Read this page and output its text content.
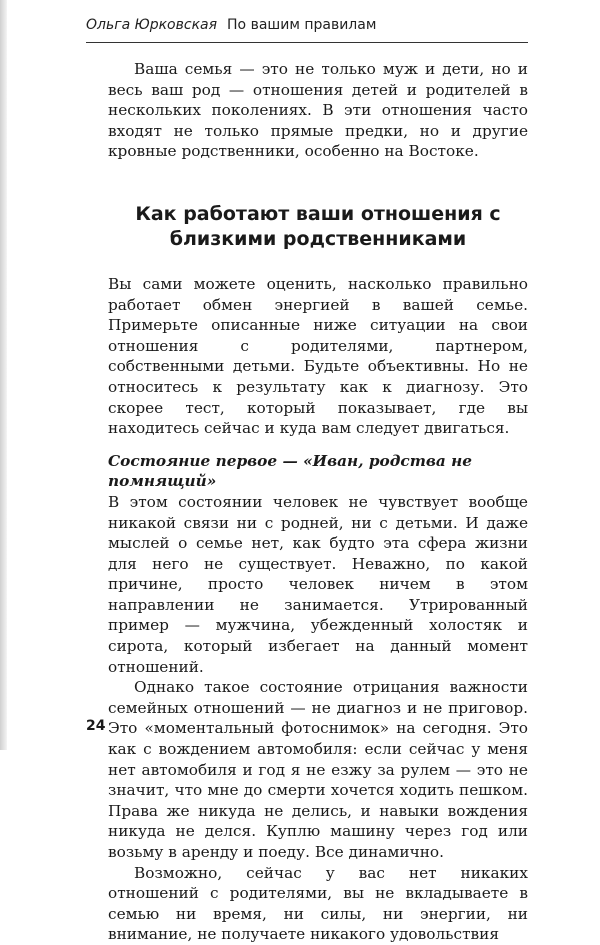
Ольга Юрковская По вашим правилам

Ваша семья — это не только муж и дети, но и весь ваш род — отношения детей и родителей в нескольких поколениях. В эти отношения часто входят не только прямые предки, но и другие кровные родственники, особенно на Востоке.

Как работают ваши отношения с близкими родственниками

Вы сами можете оценить, насколько правильно работает обмен энергией в вашей семье. Примерьте описанные ниже ситуации на свои отношения с родителями, партнером, собственными детьми. Будьте объективны. Но не относитесь к результату как к диагнозу. Это скорее тест, который показывает, где вы находитесь сейчас и куда вам следует двигаться.

Состояние первое — «Иван, родства не помнящий»

В этом состоянии человек не чувствует вообще никакой связи ни с родней, ни с детьми. И даже мыслей о семье нет, как будто эта сфера жизни для него не существует. Неважно, по какой причине, просто человек ничем в этом направлении не занимается. Утрированный пример — мужчина, убежденный холостяк и сирота, который избегает на данный момент отношений.

Однако такое состояние отрицания важности семейных отношений — не диагноз и не приговор. Это «моментальный фотоснимок» на сегодня. Это как с вождением автомобиля: если сейчас у меня нет автомобиля и год я не езжу за рулем — это не значит, что мне до смерти хочется ходить пешком. Права же никуда не делись, и навыки вождения никуда не делся. Куплю машину через год или возьму в аренду и поеду. Все динамично.

Возможно, сейчас у вас нет никаких отношений с родителями, вы не вкладываете в семью ни время, ни силы, ни энергии, ни внимание, не получаете никакого удовольствия

24
